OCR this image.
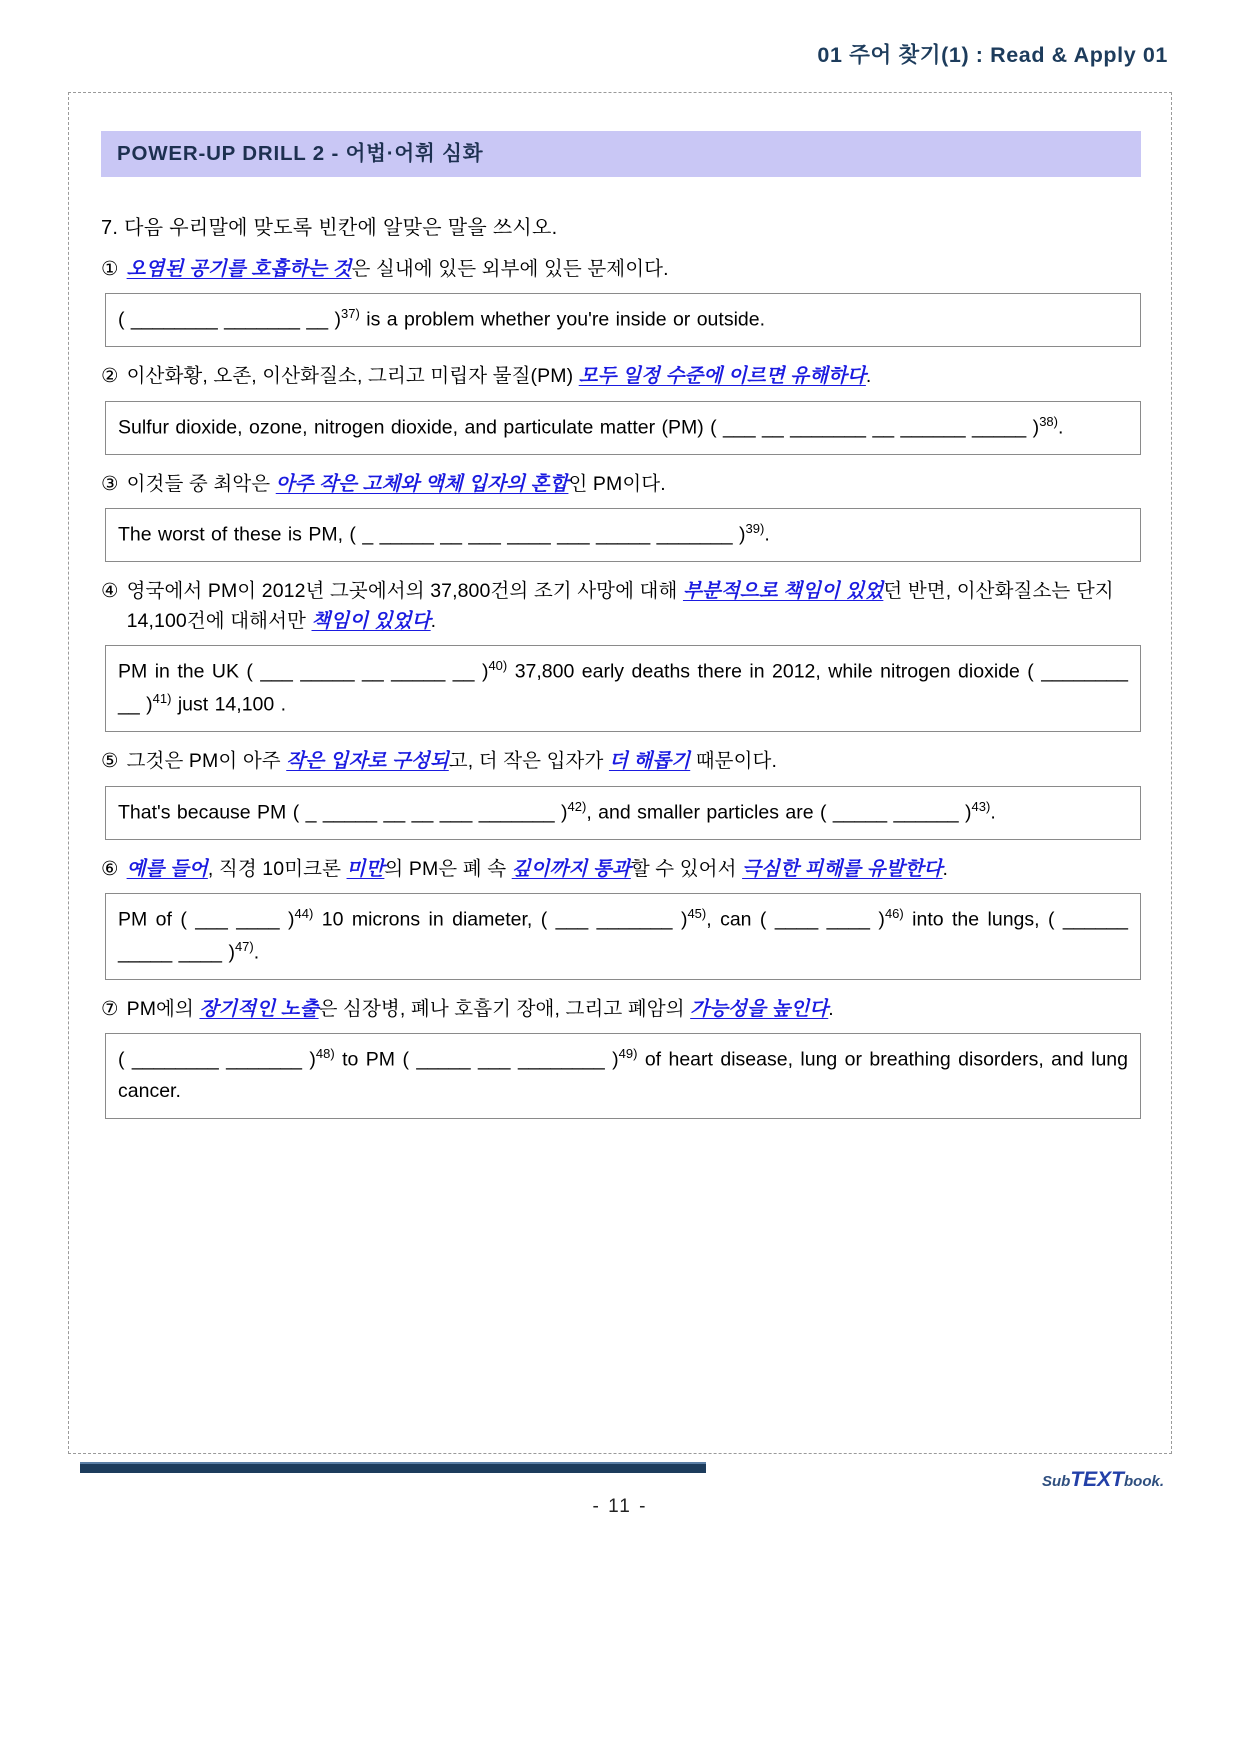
01 주어 찾기(1) : Read & Apply 01
POWER-UP DRILL 2 - 어법·어휘 심화
7. 다음 우리말에 맞도록 빈칸에 알맞은 말을 쓰시오.
① 오염된 공기를 호흡하는 것은 실내에 있든 외부에 있든 문제이다.
( ________ _______ __ )$^{37)}$ is a problem whether you're inside or outside.
② 이산화황, 오존, 이산화질소, 그리고 미립자 물질(PM) 모두 일정 수준에 이르면 유해하다.
Sulfur dioxide, ozone, nitrogen dioxide, and particulate matter (PM) ( ___ __ _______ __ ______ _____ )$^{38)}$.
③ 이것들 중 최악은 아주 작은 고체와 액체 입자의 혼합인 PM이다.
The worst of these is PM, ( _ _____ __ ___ ____ ___ _____ _______ )$^{39)}$.
④ 영국에서 PM이 2012년 그곳에서의 37,800건의 조기 사망에 대해 부분적으로 책임이 있었던 반면, 이산화질소는 단지 14,100건에 대해서만 책임이 있었다.
PM in the UK ( ___ _____ __ _____ __ )$^{40)}$ 37,800 early deaths there in 2012, while nitrogen dioxide ( ________ __ )$^{41)}$ just 14,100 .
⑤ 그것은 PM이 아주 작은 입자로 구성되고, 더 작은 입자가 더 해롭기 때문이다.
That's because PM ( _ _____ __ __ ___ _______ )$^{42)}$, and smaller particles are ( _____ ______ )$^{43)}$.
⑥ 예를 들어, 직경 10미크론 미만의 PM은 폐 속 깊이까지 통과할 수 있어서 극심한 피해를 유발한다.
PM of ( ___ ____ )$^{44)}$ 10 microns in diameter, ( ___ _______ )$^{45)}$, can ( ____ ____ )$^{46)}$ into the lungs, ( ______ _____ ____ )$^{47)}$.
⑦ PM에의 장기적인 노출은 심장병, 폐나 호흡기 장애, 그리고 폐암의 가능성을 높인다.
( ________ _______ )$^{48)}$ to PM ( _____ ___ ________ )$^{49)}$ of heart disease, lung or breathing disorders, and lung cancer.
SubTEXTbook.
- 11 -
